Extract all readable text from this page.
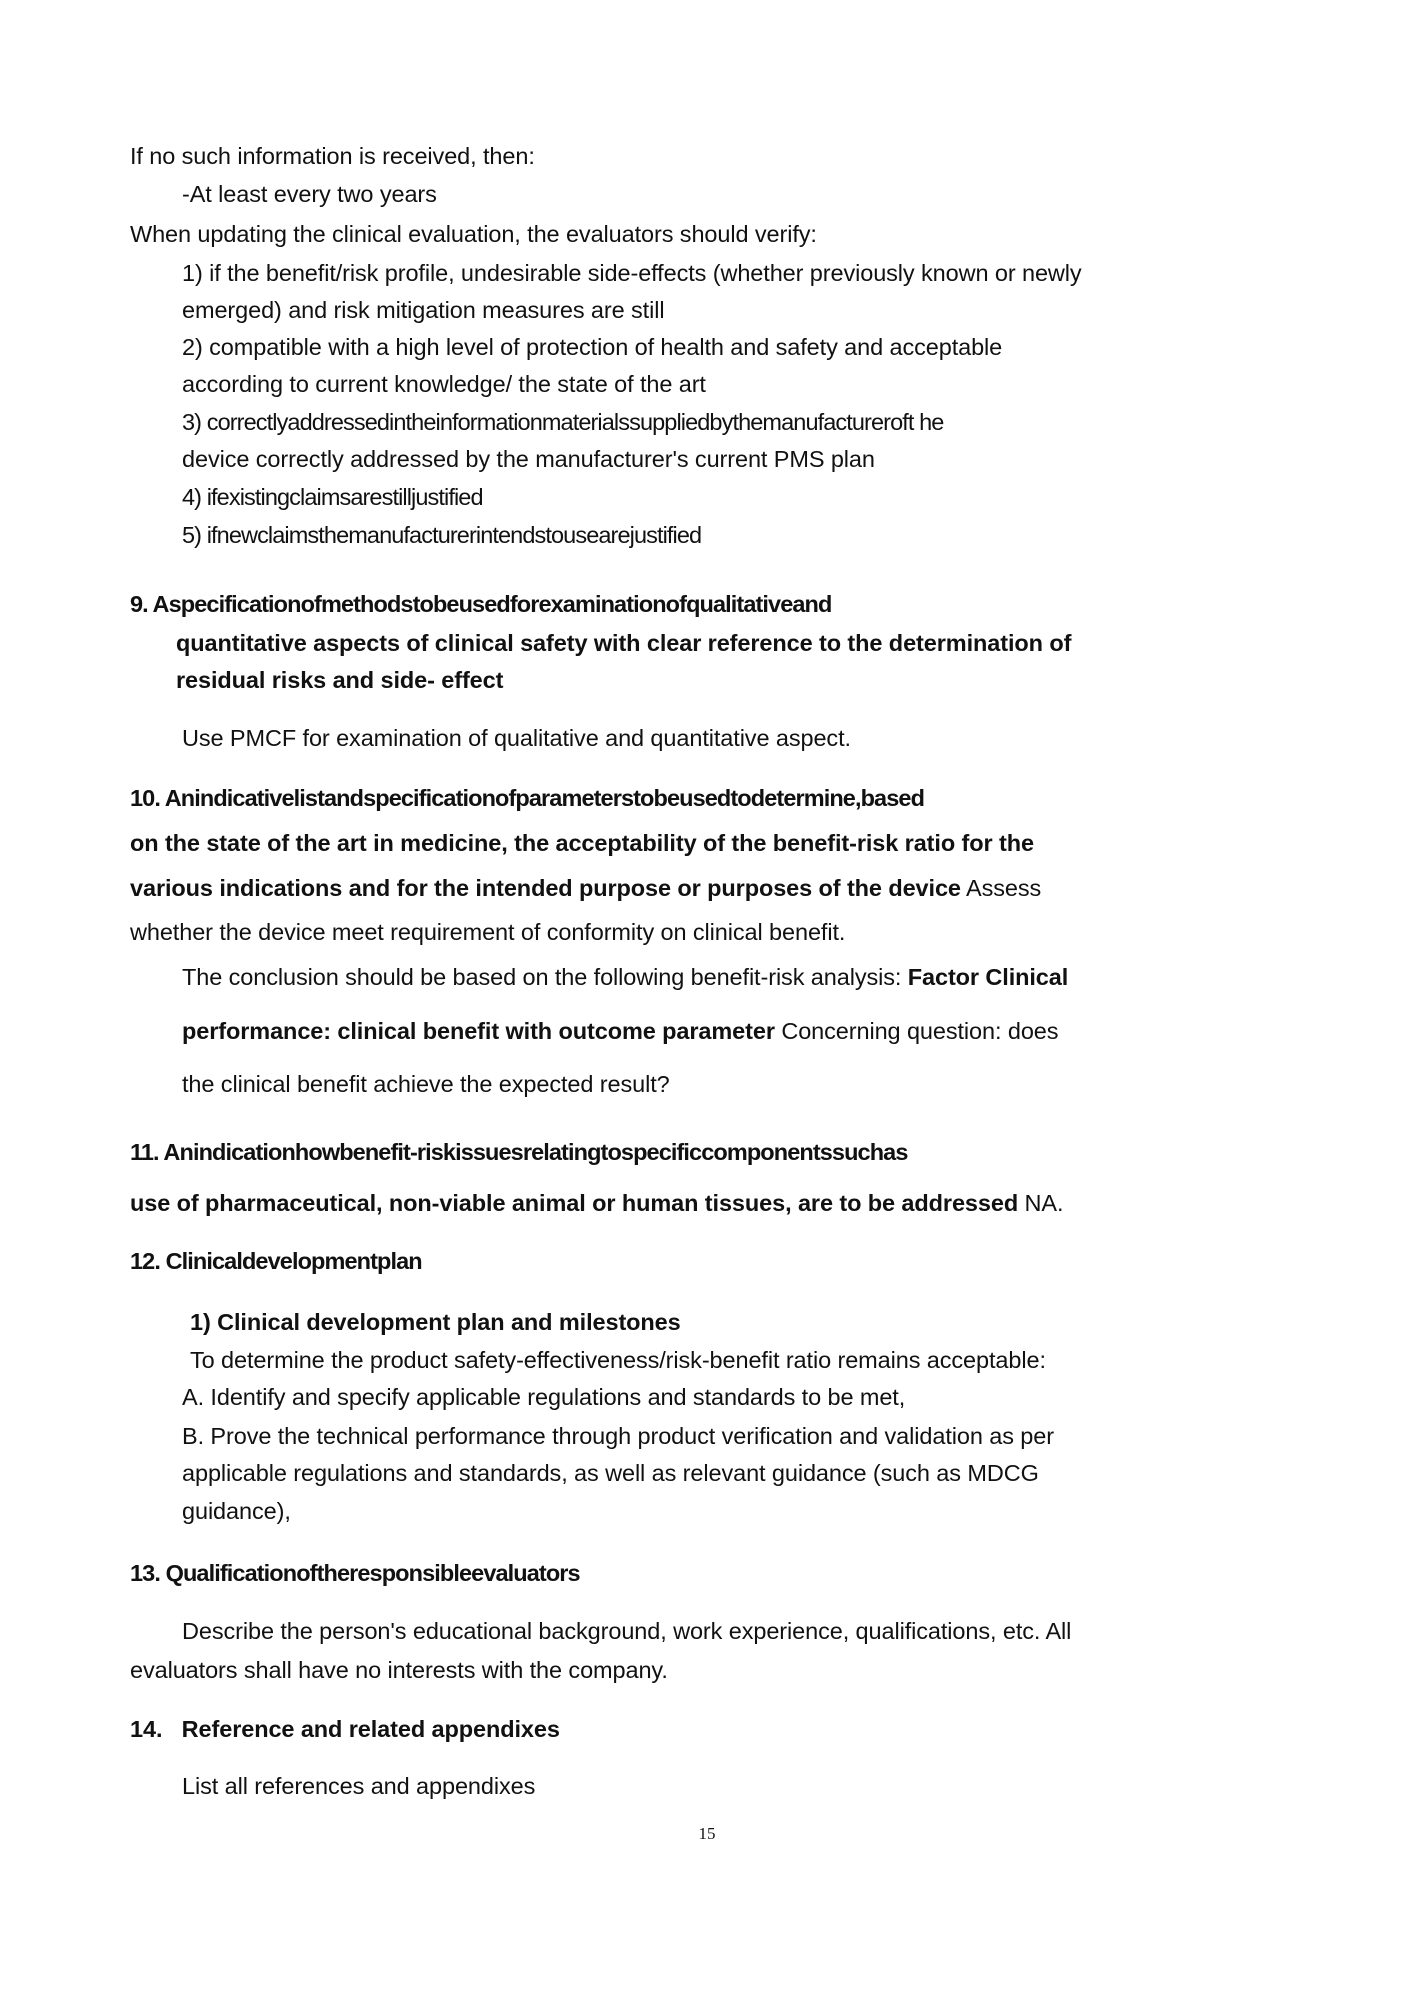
If no such information is received, then:
-At least every two years
When updating the clinical evaluation, the evaluators should verify:
1) if the benefit/risk profile, undesirable side-effects (whether previously known or newly
emerged) and risk mitigation measures are still
2) compatible with a high level of protection of health and safety and acceptable
according to current knowledge/ the state of the art
3) correctlyaddressedintheinformationmaterialssuppliedbythemanufactureroft he
device correctly addressed by the manufacturer's current PMS plan
4) ifexistingclaimsarestilljustified
5) ifnewclaimsthemanufacturerintendstousearejustified
9. Aspecificationofmethodstobeusedforexaminationofqualitativeand
quantitative aspects of clinical safety with clear reference to the determination of
residual risks and side- effect
Use PMCF for examination of qualitative and quantitative aspect.
10. Anindicativelistandspecificationofparameterstobeusedtodetermine,based
on the state of the art in medicine, the acceptability of the benefit-risk ratio for the
various indications and for the intended purpose or purposes of the device Assess
whether the device meet requirement of conformity on clinical benefit.
The conclusion should be based on the following benefit-risk analysis: Factor Clinical
performance: clinical benefit with outcome parameter Concerning question: does
the clinical benefit achieve the expected result?
11. Anindicationhowbenefit-riskissuesrelatingtospecificcomponentssuchas
use of pharmaceutical, non-viable animal or human tissues, are to be addressed NA.
12. Clinicaldevelopmentplan
1) Clinical development plan and milestones
To determine the product safety-effectiveness/risk-benefit ratio remains acceptable:
A. Identify and specify applicable regulations and standards to be met,
B. Prove the technical performance through product verification and validation as per
applicable regulations and standards, as well as relevant guidance (such as MDCG
guidance),
13. Qualificationoftheresponsibleevaluators
Describe the person's educational background, work experience, qualifications, etc. All
evaluators shall have no interests with the company.
14.   Reference and related appendixes
List all references and appendixes
15
